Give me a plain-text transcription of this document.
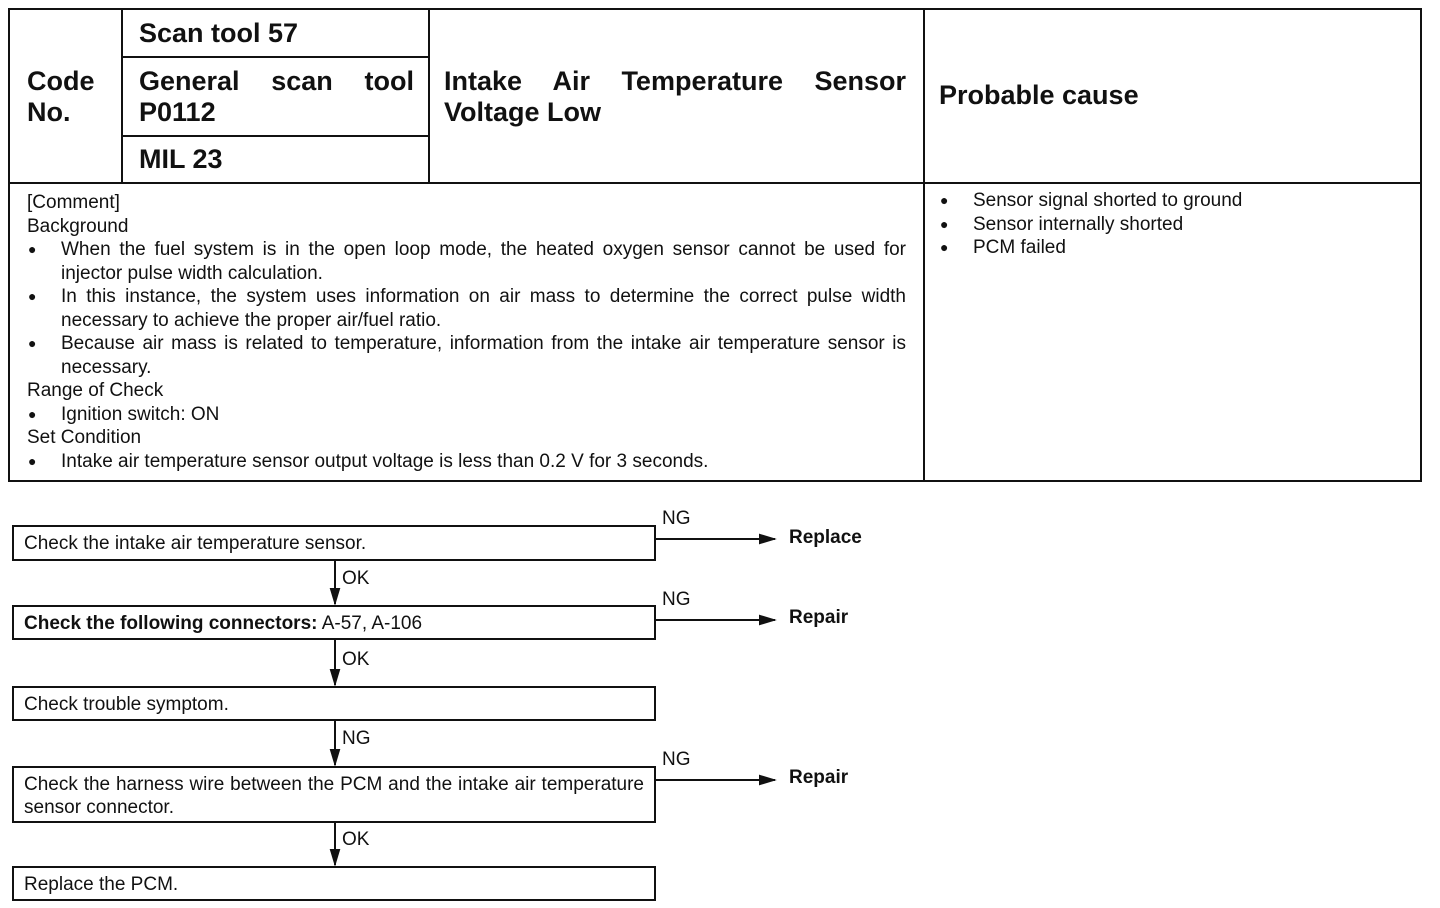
Code No.
Scan tool 57
General scan tool P0112
MIL 23
Intake Air Temperature Sensor Voltage Low
Probable cause
[Comment]
Background
● When the fuel system is in the open loop mode, the heated oxygen sensor cannot be used for injector pulse width calculation.
● In this instance, the system uses information on air mass to determine the correct pulse width necessary to achieve the proper air/fuel ratio.
● Because air mass is related to temperature, information from the intake air temperature sensor is necessary.
Range of Check
● Ignition switch: ON
Set Condition
● Intake air temperature sensor output voltage is less than 0.2 V for 3 seconds.
● Sensor signal shorted to ground
● Sensor internally shorted
● PCM failed
Check the intake air temperature sensor.
Check the following connectors: A-57, A-106
Check trouble symptom.
Check the harness wire between the PCM and the intake air temperature sensor connector.
Replace the PCM.
NG
OK
NG
OK
NG
NG
OK
Replace
Repair
Repair
